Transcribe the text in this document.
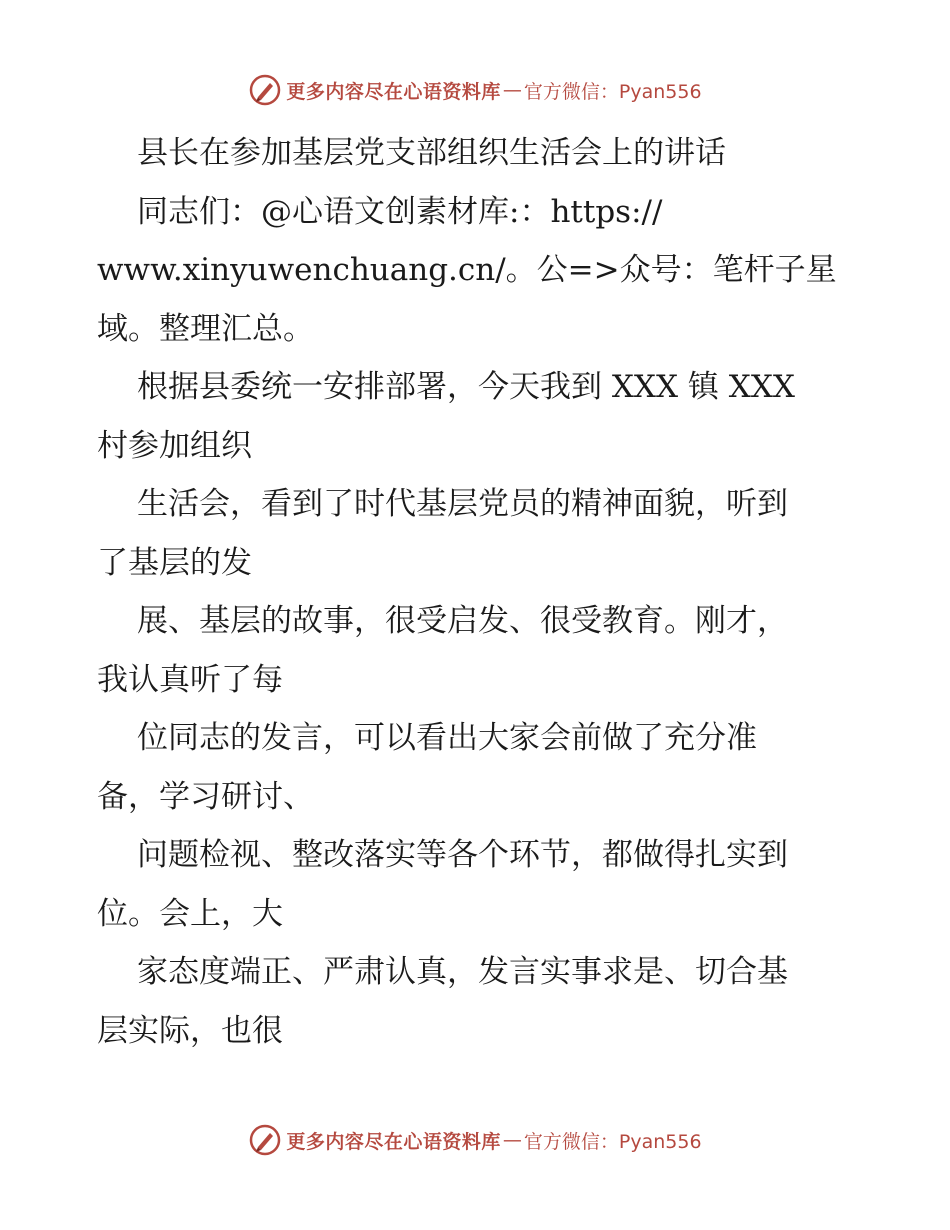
更多内容尽在心语资料库 — 官方微信：Pyan556

县长在参加基层党支部组织生活会上的讲话

同志们：@心语文创素材库:：https://

www.xinyuwenchuang.cn/。公=>众号：笔杆子星

域。整理汇总。

根据县委统一安排部署，今天我到 XXX 镇 XXX

村参加组织

生活会，看到了时代基层党员的精神面貌，听到

了基层的发

展、基层的故事，很受启发、很受教育。刚才，

我认真听了每

位同志的发言，可以看出大家会前做了充分准

备，学习研讨、

问题检视、整改落实等各个环节，都做得扎实到

位。会上，大

家态度端正、严肃认真，发言实事求是、切合基

层实际，也很

更多内容尽在心语资料库 — 官方微信：Pyan556
